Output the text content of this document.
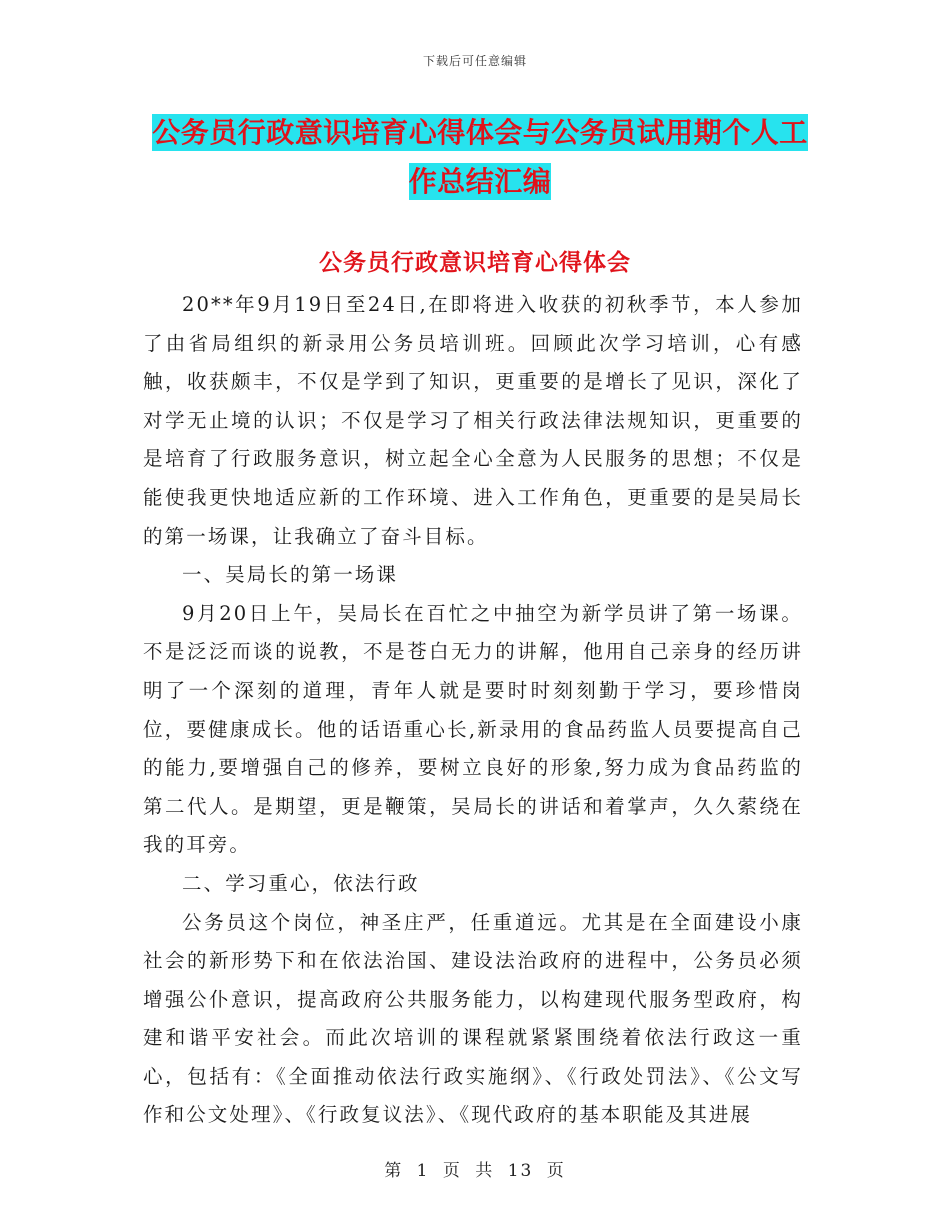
下载后可任意编辑
公务员行政意识培育心得体会与公务员试用期个人工
作总结汇编
公务员行政意识培育心得体会

20**年9月19日至24日,在即将进入收获的初秋季节，本人参加了由省局组织的新录用公务员培训班。回顾此次学习培训，心有感触，收获颇丰，不仅是学到了知识，更重要的是增长了见识，深化了对学无止境的认识；不仅是学习了相关行政法律法规知识，更重要的是培育了行政服务意识，树立起全心全意为人民服务的思想；不仅是能使我更快地适应新的工作环境、进入工作角色，更重要的是吴局长的第一场课，让我确立了奋斗目标。

一、吴局长的第一场课

9月20日上午，吴局长在百忙之中抽空为新学员讲了第一场课。不是泛泛而谈的说教，不是苍白无力的讲解，他用自己亲身的经历讲明了一个深刻的道理，青年人就是要时时刻刻勤于学习，要珍惜岗位，要健康成长。他的话语重心长,新录用的食品药监人员要提高自己的能力,要增强自己的修养，要树立良好的形象,努力成为食品药监的第二代人。是期望，更是鞭策，吴局长的讲话和着掌声，久久萦绕在我的耳旁。

二、学习重心，依法行政

公务员这个岗位，神圣庄严，任重道远。尤其是在全面建设小康社会的新形势下和在依法治国、建设法治政府的进程中，公务员必须增强公仆意识，提高政府公共服务能力，以构建现代服务型政府，构建和谐平安社会。而此次培训的课程就紧紧围绕着依法行政这一重心，包括有：《全面推动依法行政实施纲》、《行政处罚法》、《公文写作和公文处理》、《行政复议法》、《现代政府的基本职能及其进展

第 1 页 共 13 页
